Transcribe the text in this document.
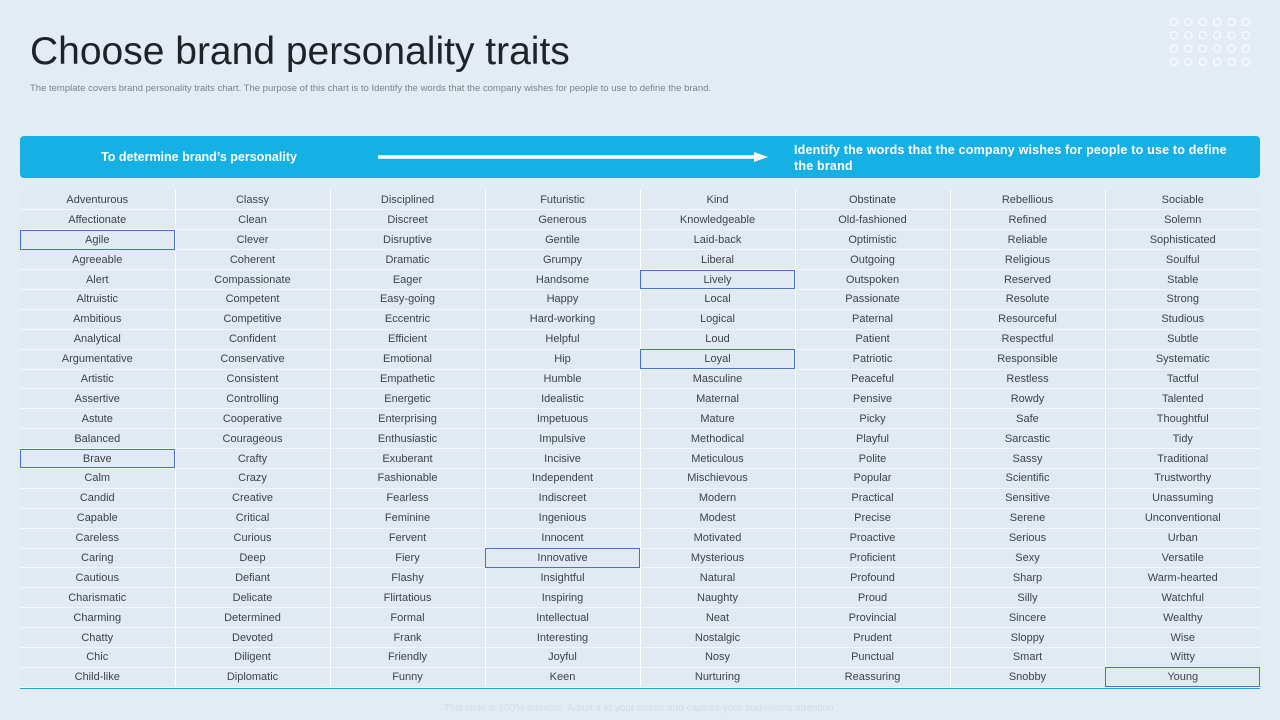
Choose brand personality traits

The template covers brand personality traits chart. The purpose of this chart is to Identify the words that the company wishes for people to use to define the brand.

To determine brand’s personality	Identify the words that the company wishes for people to use to define the brand
Adventurous	Classy	Disciplined	Futuristic	Kind	Obstinate	Rebellious	Sociable
Affectionate	Clean	Discreet	Generous	Knowledgeable	Old-fashioned	Refined	Solemn
Agile	Clever	Disruptive	Gentile	Laid-back	Optimistic	Reliable	Sophisticated
Agreeable	Coherent	Dramatic	Grumpy	Liberal	Outgoing	Religious	Soulful
Alert	Compassionate	Eager	Handsome	Lively	Outspoken	Reserved	Stable
Altruistic	Competent	Easy-going	Happy	Local	Passionate	Resolute	Strong
Ambitious	Competitive	Eccentric	Hard-working	Logical	Paternal	Resourceful	Studious
Analytical	Confident	Efficient	Helpful	Loud	Patient	Respectful	Subtle
Argumentative	Conservative	Emotional	Hip	Loyal	Patriotic	Responsible	Systematic
Artistic	Consistent	Empathetic	Humble	Masculine	Peaceful	Restless	Tactful
Assertive	Controlling	Energetic	Idealistic	Maternal	Pensive	Rowdy	Talented
Astute	Cooperative	Enterprising	Impetuous	Mature	Picky	Safe	Thoughtful
Balanced	Courageous	Enthusiastic	Impulsive	Methodical	Playful	Sarcastic	Tidy
Brave	Crafty	Exuberant	Incisive	Meticulous	Polite	Sassy	Traditional
Calm	Crazy	Fashionable	Independent	Mischievous	Popular	Scientific	Trustworthy
Candid	Creative	Fearless	Indiscreet	Modern	Practical	Sensitive	Unassuming
Capable	Critical	Feminine	Ingenious	Modest	Precise	Serene	Unconventional
Careless	Curious	Fervent	Innocent	Motivated	Proactive	Serious	Urban
Caring	Deep	Fiery	Innovative	Mysterious	Proficient	Sexy	Versatile
Cautious	Defiant	Flashy	Insightful	Natural	Profound	Sharp	Warm-hearted
Charismatic	Delicate	Flirtatious	Inspiring	Naughty	Proud	Silly	Watchful
Charming	Determined	Formal	Intellectual	Neat	Provincial	Sincere	Wealthy
Chatty	Devoted	Frank	Interesting	Nostalgic	Prudent	Sloppy	Wise
Chic	Diligent	Friendly	Joyful	Nosy	Punctual	Smart	Witty
Child-like	Diplomatic	Funny	Keen	Nurturing	Reassuring	Snobby	Young
This slide is 100% editable. Adapt it to your needs and capture your audience's attention.
